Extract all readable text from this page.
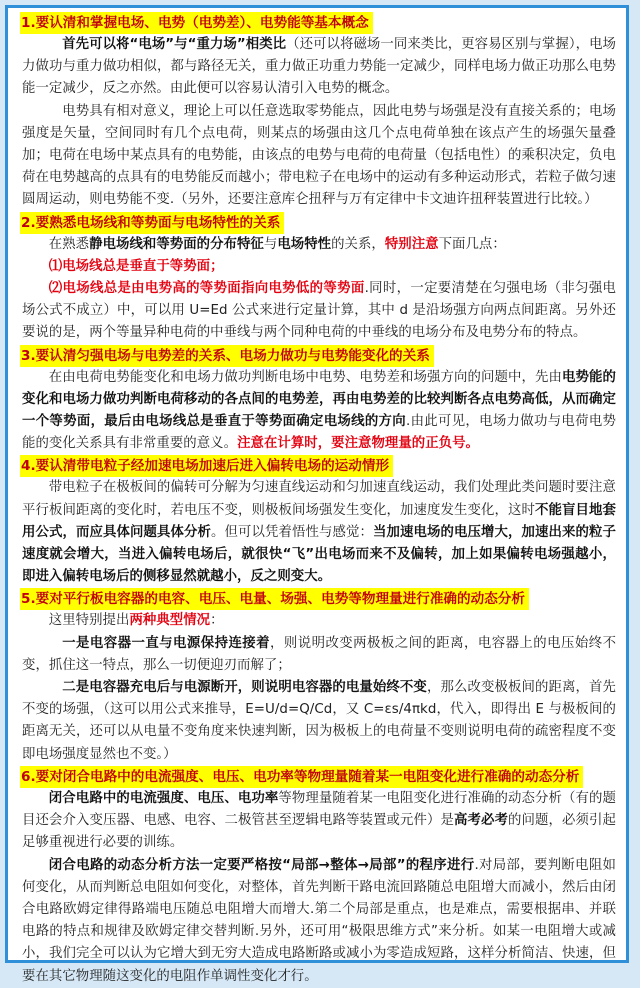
1.要认清和掌握电场、电势（电势差）、电势能等基本概念

首先可以将“电场”与“重力场”相类比（还可以将磁场一同来类比，更容易区别与掌握），电场力做功与重力做功相似，都与路径无关，重力做正功重力势能一定减少，同样电场力做正功那么电势能一定减少，反之亦然。由此便可以容易认清引入电势的概念。

电势具有相对意义，理论上可以任意选取零势能点，因此电势与场强是没有直接关系的；电场强度是矢量，空间同时有几个点电荷，则某点的场强由这几个点电荷单独在该点产生的场强矢量叠加；电荷在电场中某点具有的电势能，由该点的电势与电荷的电荷量（包括电性）的乘积决定，负电荷在电势越高的点具有的电势能反而越小；带电粒子在电场中的运动有多种运动形式，若粒子做匀速圆周运动，则电势能不变.（另外，还要注意库仑扭秤与万有定律中卡文迪许扭秤装置进行比较。）

2.要熟悉电场线和等势面与电场特性的关系

在熟悉静电场线和等势面的分布特征与电场特性的关系，特别注意下面几点：

⑴电场线总是垂直于等势面；

⑵电场线总是由电势高的等势面指向电势低的等势面.同时，一定要清楚在匀强电场（非匀强电场公式不成立）中，可以用 U=Ed 公式来进行定量计算，其中 d 是沿场强方向两点间距离。另外还要说的是，两个等量异种电荷的中垂线与两个同种电荷的中垂线的电场分布及电势分布的特点。

3.要认清匀强电场与电势差的关系、电场力做功与电势能变化的关系

在由电荷电势能变化和电场力做功判断电场中电势、电势差和场强方向的问题中，先由电势能的变化和电场力做功判断电荷移动的各点间的电势差，再由电势差的比较判断各点电势高低，从而确定一个等势面，最后由电场线总是垂直于等势面确定电场线的方向.由此可见，电场力做功与电荷电势能的变化关系具有非常重要的意义。注意在计算时，要注意物理量的正负号。

4.要认清带电粒子经加速电场加速后进入偏转电场的运动情形

带电粒子在极板间的偏转可分解为匀速直线运动和匀加速直线运动，我们处理此类问题时要注意平行板间距离的变化时，若电压不变，则极板间场强发生变化，加速度发生变化，这时不能盲目地套用公式，而应具体问题具体分析。但可以凭着悟性与感觉：当加速电场的电压增大，加速出来的粒子速度就会增大，当进入偏转电场后，就很快“飞”出电场而来不及偏转，加上如果偏转电场强越小，即进入偏转电场后的侧移显然就越小，反之则变大。

5.要对平行板电容器的电容、电压、电量、场强、电势等物理量进行准确的动态分析

这里特别提出两种典型情况：

一是电容器一直与电源保持连接着，则说明改变两极板之间的距离，电容器上的电压始终不变，抓住这一特点，那么一切便迎刃而解了；

二是电容器充电后与电源断开，则说明电容器的电量始终不变，那么改变极板间的距离，首先不变的场强，（这可以用公式来推导，E=U/d=Q/Cd，又 C=εs/4πkd，代入，即得出 E 与极板间的距离无关，还可以从电量不变角度来快速判断，因为极板上的电荷量不变则说明电荷的疏密程度不变即电场强度显然也不变。）

6.要对闭合电路中的电流强度、电压、电功率等物理量随着某一电阻变化进行准确的动态分析

闭合电路中的电流强度、电压、电功率等物理量随着某一电阻变化进行准确的动态分析（有的题目还会介入变压器、电感、电容、二极管甚至逻辑电路等装置或元件）是高考必考的问题，必须引起足够重视进行必要的训练。

闭合电路的动态分析方法一定要严格按“局部→整体→局部”的程序进行.对局部，要判断电阻如何变化，从而判断总电阻如何变化，对整体，首先判断干路电流回路随总电阻增大而减小，然后由闭合电路欧姆定律得路端电压随总电阻增大而增大.第二个局部是重点，也是难点，需要根据串、并联电路的特点和规律及欧姆定律交替判断.另外，还可用“极限思维方式”来分析。如某一电阻增大或减小，我们完全可以认为它增大到无穷大造成电路断路或减小为零造成短路，这样分析简洁、快速，但要在其它物理随这变化的电阻作单调性变化才行。
